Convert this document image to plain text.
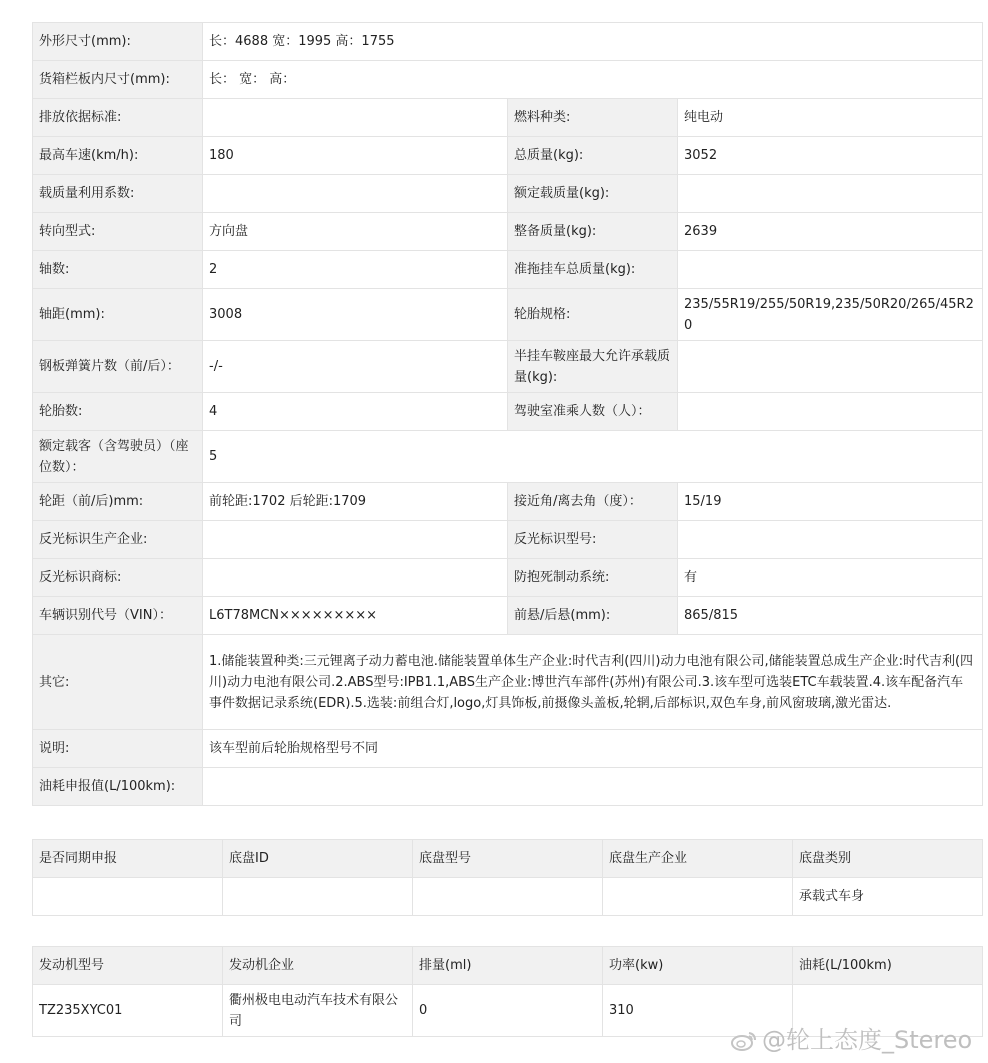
外形尺寸(mm):	长：4688 宽：1995 高：1755		
货箱栏板内尺寸(mm):	长： 宽： 高：		
排放依据标准:		燃料种类:	纯电动
最高车速(km/h):	180	总质量(kg):	3052
载质量利用系数:		额定载质量(kg):	
转向型式:	方向盘	整备质量(kg):	2639
轴数:	2	准拖挂车总质量(kg):	
轴距(mm):	3008	轮胎规格:	235/55R19/255/50R19,235/50R20/265/45R20
钢板弹簧片数（前/后）：	-/-	半挂车鞍座最大允许承载质量(kg):	
轮胎数:	4	驾驶室准乘人数（人）：	
额定载客（含驾驶员）（座位数）：	5		
轮距（前/后)mm:	前轮距:1702 后轮距:1709	接近角/离去角（度）：	15/19
反光标识生产企业:		反光标识型号:	
反光标识商标:		防抱死制动系统:	有
车辆识别代号（VIN）：	L6T78MCN×××××××××	前悬/后悬(mm):	865/815
其它:	1.储能装置种类:三元锂离子动力蓄电池.储能装置单体生产企业:时代吉利(四川)动力电池有限公司,储能装置总成生产企业:时代吉利(四川)动力电池有限公司.2.ABS型号:IPB1.1,ABS生产企业:博世汽车部件(苏州)有限公司.3.该车型可选装ETC车载装置.4.该车配备汽车事件数据记录系统(EDR).5.选装:前组合灯,logo,灯具饰板,前摄像头盖板,轮辋,后部标识,双色车身,前风窗玻璃,激光雷达.		
说明:	该车型前后轮胎规格型号不同		
油耗申报值(L/100km):			
是否同期申报	底盘ID	底盘型号	底盘生产企业	底盘类别
				承载式车身
发动机型号	发动机企业	排量(ml)	功率(kw)	油耗(L/100km)
TZ235XYC01	衢州极电电动汽车技术有限公司	0	310	
@轮上态度_Stereo
